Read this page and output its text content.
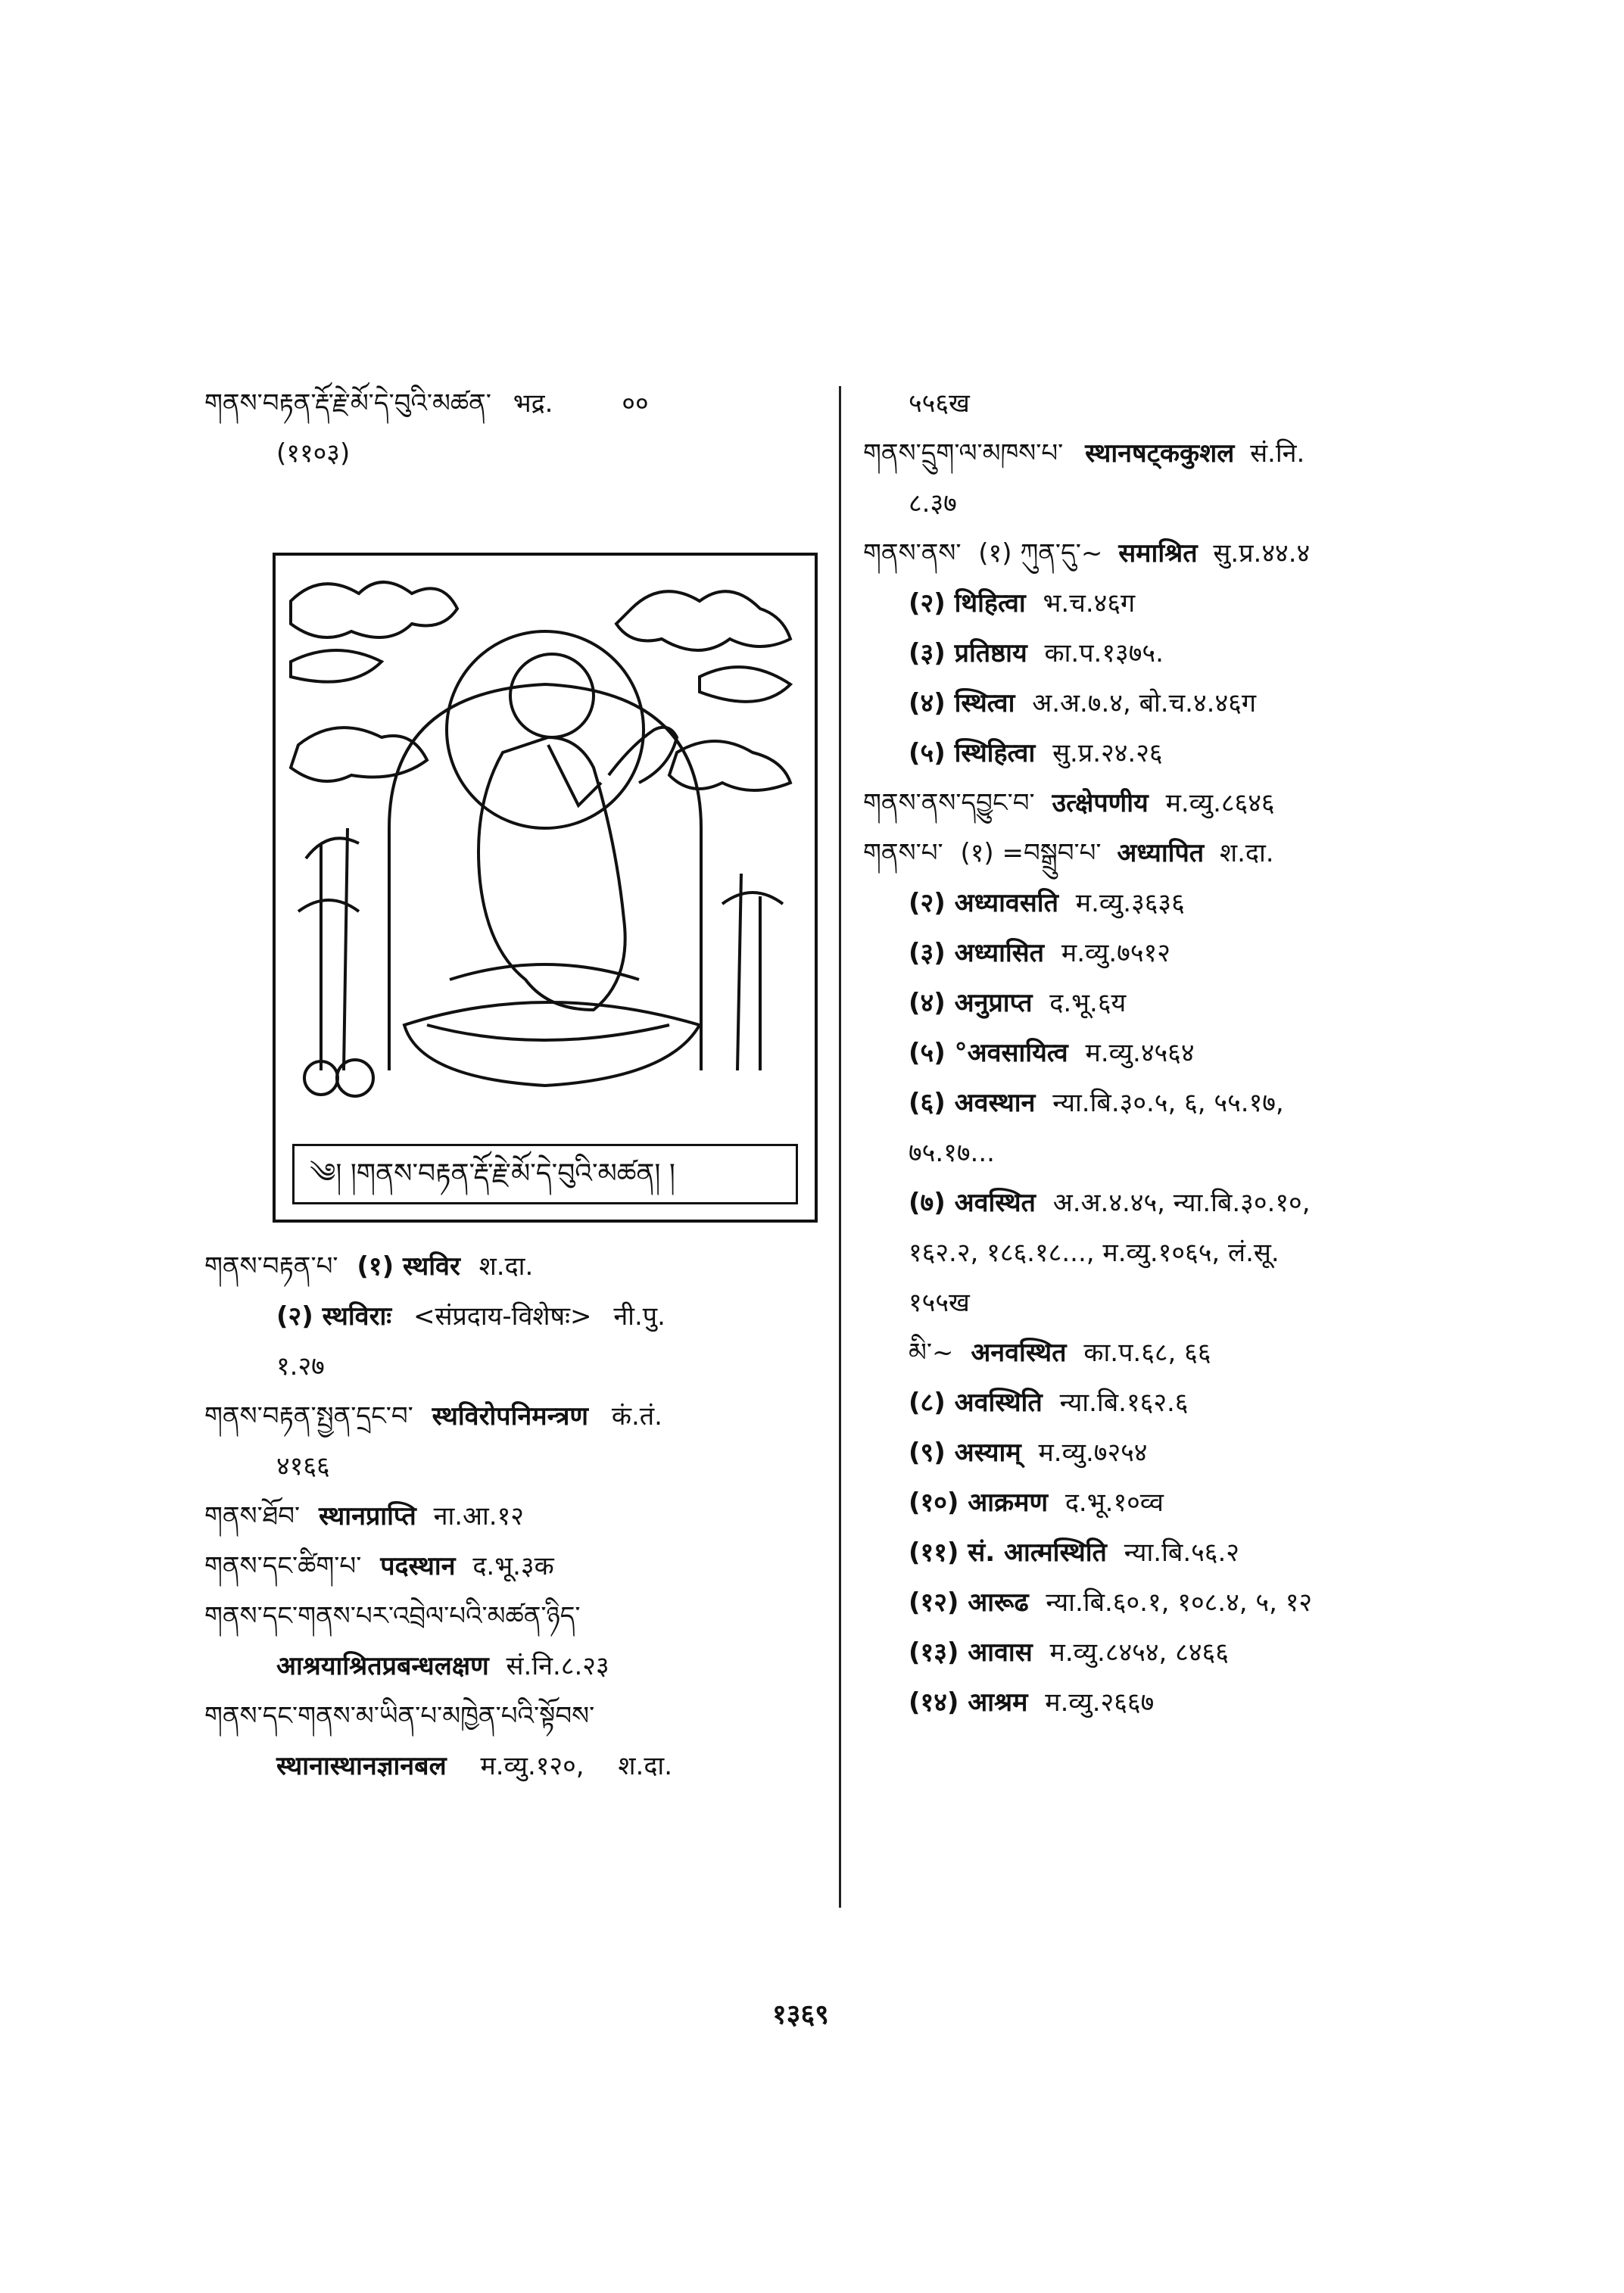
གནས་བརྟན་རྡོ་རྗེ་མོ་དེ་བུའི་མཚན་ भद्र.	००
(११०३)
༄། །གནས་བརྟན་རྡོ་རྗེ་མོ་དེ་བུའི་མཚན། །
གནས་བརྟན་པ་ (१) स्थविर श.दा.
(२) स्थविराः <संप्रदाय-विशेषः> नी.पु.
१.२७
གནས་བརྟན་སྤྱན་དྲང་བ་ स्थविरोपनिमन्त्रण कं.तं.
४१६६
གནས་ཐོབ་ स्थानप्राप्ति ना.आ.१२
གནས་དང་ཚིག་པ་ पदस्थान द.भू.३क
གནས་དང་གནས་པར་འབྲེལ་པའི་མཚན་ཉིད་
आश्रयाश्रितप्रबन्धलक्षण सं.नि.८.२३
གནས་དང་གནས་མ་ཡིན་པ་མཁྱེན་པའི་སྟོབས་
स्थानास्थानज्ञानबल म.व्यु.१२०, श.दा.
५५६ख
གནས་དྲུག་ལ་མཁས་པ་ स्थानषट्ककुशल सं.नि.
८.३७
གནས་ནས་ (१) ཀུན་དུ་~ समाश्रित सु.प्र.४४.४
(२) थिहित्वा भ.च.४६ग
(३) प्रतिष्ठाय का.प.१३७५.
(४) स्थित्वा अ.अ.७.४, बो.च.४.४६ग
(५) स्थिहित्वा सु.प्र.२४.२६
གནས་ནས་དབྱུང་བ་ उत्क्षेपणीय म.व्यु.८६४६
གནས་པ་ (१) =བསྒྲུབ་པ་ अध्यापित श.दा.
(२) अध्यावसति म.व्यु.३६३६
(३) अध्यासित म.व्यु.७५१२
(४) अनुप्राप्त द.भू.६य
(५) °अवसायित्व म.व्यु.४५६४
(६) अवस्थान न्या.बि.३०.५, ६, ५५.१७,
७५.१७...
(७) अवस्थित अ.अ.४.४५, न्या.बि.३०.१०,
१६२.२, १८६.१८..., म.व्यु.१०६५, लं.सू.
१५५ख
མི་~ अनवस्थित का.प.६८, ६६
(८) अवस्थिति न्या.बि.१६२.६
(९) अस्याम् म.व्यु.७२५४
(१०) आक्रमण द.भू.१०व्व
(११) सं. आत्मस्थिति न्या.बि.५६.२
(१२) आरूढ न्या.बि.६०.१, १०८.४, ५, १२
(१३) आवास म.व्यु.८४५४, ८४६६
(१४) आश्रम म.व्यु.२६६७
१३६९
